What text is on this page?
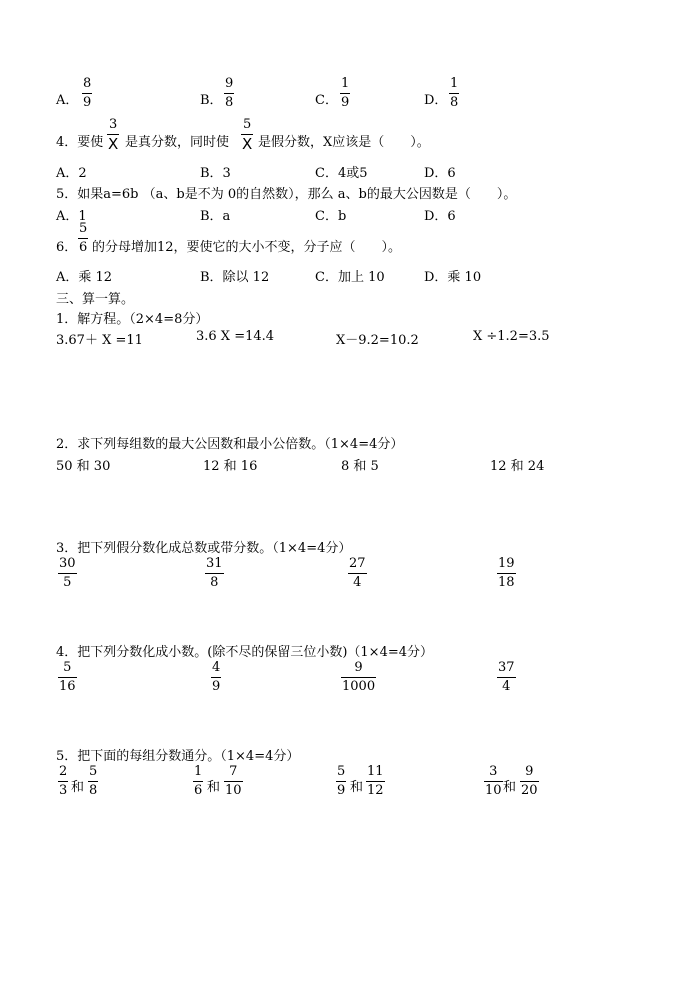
A． $\frac{8}{9}$	B． $\frac{9}{8}$	C． $\frac{1}{9}$	D． $\frac{1}{8}$
4．要使 $\frac{3}{X}$ 是真分数，同时使 $\frac{5}{X}$ 是假分数，X应该是（　　）。
A．2	B．3	C．4或5	D．6
5．如果a=6b （a、b是不为 0的自然数），那么 a、b的最大公因数是（　　）。
A．1	B．a	C．b	D．6
6． $\frac{5}{6}$ 的分母增加12，要使它的大小不变，分子应（　　）。
A．乘 12	B．除以 12	C．加上 10	D．乘 10
三、算一算。
1．解方程。（2×4=8分）
3.67＋ X =11	3.6 X =14.4	X－9.2=10.2	X ÷1.2=3.5
2．求下列每组数的最大公因数和最小公倍数。（1×4=4分）
50 和 30	12 和 16	8 和 5	12 和 24
3．把下列假分数化成总数或带分数。（1×4=4分）
$\frac{30}{5}$	$\frac{31}{8}$	$\frac{27}{4}$	$\frac{19}{18}$
4．把下列分数化成小数。(除不尽的保留三位小数)（1×4=4分）
$\frac{5}{16}$	$\frac{4}{9}$	$\frac{9}{1000}$	$\frac{37}{4}$
5．把下面的每组分数通分。（1×4=4分）
$\frac{2}{3}$ 和 $\frac{5}{8}$	$\frac{1}{6}$ 和 $\frac{7}{10}$	$\frac{5}{9}$ 和 $\frac{11}{12}$	$\frac{3}{10}$ 和 $\frac{9}{20}$
